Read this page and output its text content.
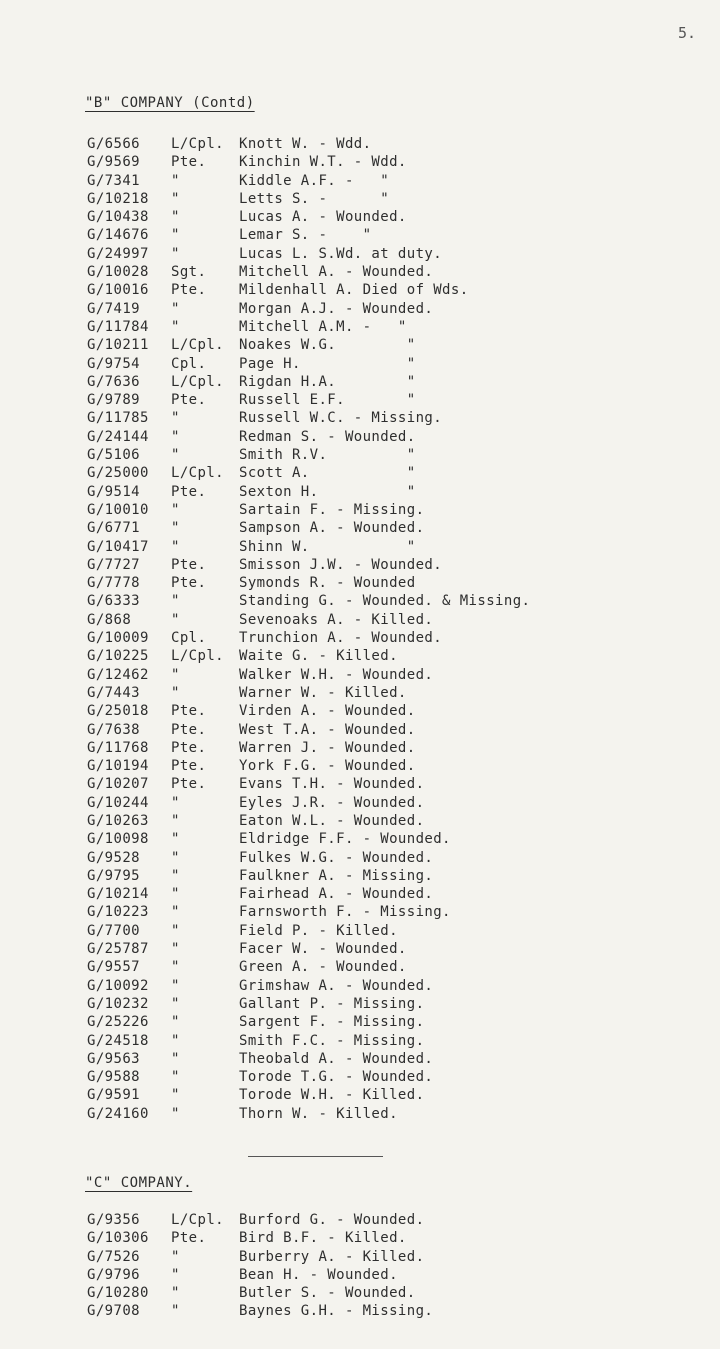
5.
"B" COMPANY (Contd)
G/6566	L/Cpl.	Knott W. - Wdd.
G/9569	Pte.	Kinchin W.T. - Wdd.
G/7341	"	Kiddle A.F. -   "
G/10218	"	Letts S. -      "
G/10438	"	Lucas A. - Wounded.
G/14676	"	Lemar S. -    "
G/24997	"	Lucas L. S.Wd. at duty.
G/10028	Sgt.	Mitchell A. - Wounded.
G/10016	Pte.	Mildenhall A. Died of Wds.
G/7419	"	Morgan A.J. - Wounded.
G/11784	"	Mitchell A.M. -   "
G/10211	L/Cpl.	Noakes W.G.        "
G/9754	Cpl.	Page H.            "
G/7636	L/Cpl.	Rigdan H.A.        "
G/9789	Pte.	Russell E.F.       "
G/11785	"	Russell W.C. - Missing.
G/24144	"	Redman S. - Wounded.
G/5106	"	Smith R.V.         "
G/25000	L/Cpl.	Scott A.           "
G/9514	Pte.	Sexton H.          "
G/10010	"	Sartain F. - Missing.
G/6771	"	Sampson A. - Wounded.
G/10417	"	Shinn W.           "
G/7727	Pte.	Smisson J.W. - Wounded.
G/7778	Pte.	Symonds R. - Wounded
G/6333	"	Standing G. - Wounded. & Missing.
G/868	"	Sevenoaks A. - Killed.
G/10009	Cpl.	Trunchion A. - Wounded.
G/10225	L/Cpl.	Waite G. - Killed.
G/12462	"	Walker W.H. - Wounded.
G/7443	"	Warner W. - Killed.
G/25018	Pte.	Virden A. - Wounded.
G/7638	Pte.	West T.A. - Wounded.
G/11768	Pte.	Warren J. - Wounded.
G/10194	Pte.	York F.G. - Wounded.
G/10207	Pte.	Evans T.H. - Wounded.
G/10244	"	Eyles J.R. - Wounded.
G/10263	"	Eaton W.L. - Wounded.
G/10098	"	Eldridge F.F. - Wounded.
G/9528	"	Fulkes W.G. - Wounded.
G/9795	"	Faulkner A. - Missing.
G/10214	"	Fairhead A. - Wounded.
G/10223	"	Farnsworth F. - Missing.
G/7700	"	Field P. - Killed.
G/25787	"	Facer W. - Wounded.
G/9557	"	Green A. - Wounded.
G/10092	"	Grimshaw A. - Wounded.
G/10232	"	Gallant P. - Missing.
G/25226	"	Sargent F. - Missing.
G/24518	"	Smith F.C. - Missing.
G/9563	"	Theobald A. - Wounded.
G/9588	"	Torode T.G. - Wounded.
G/9591	"	Torode W.H. - Killed.
G/24160	"	Thorn W. - Killed.
"C" COMPANY.
G/9356	L/Cpl.	Burford G. - Wounded.
G/10306	Pte.	Bird B.F. - Killed.
G/7526	"	Burberry A. - Killed.
G/9796	"	Bean H. - Wounded.
G/10280	"	Butler S. - Wounded.
G/9708	"	Baynes G.H. - Missing.
